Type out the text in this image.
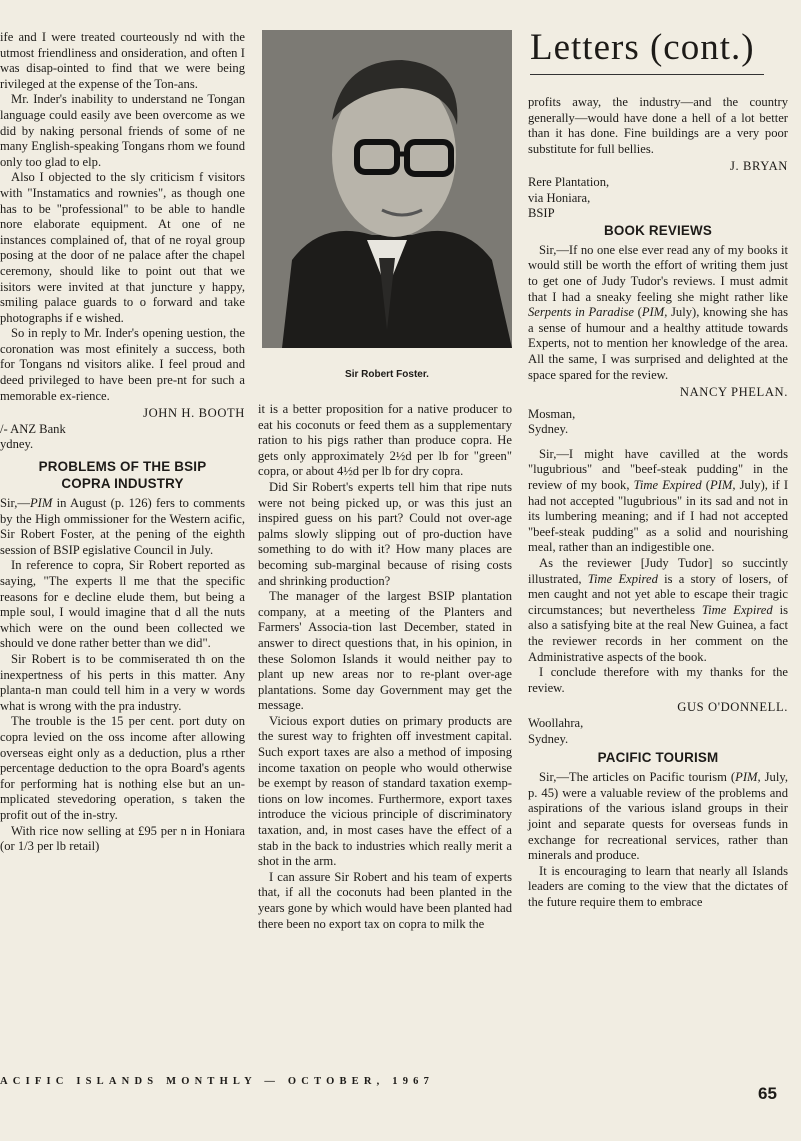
ife and I were treated courteously nd with the utmost friendliness and onsideration, and often I was disap-ointed to find that we were being rivileged at the expense of the Ton-ans.

Mr. Inder's inability to understand ne Tongan language could easily ave been overcome as we did by naking personal friends of some of ne many English-speaking Tongans rhom we found only too glad to elp.

Also I objected to the sly criticism f visitors with "Instamatics and rownies", as though one has to be "professional" to be able to handle nore elaborate equipment. At one of ne instances complained of, that of ne royal group posing at the door of ne palace after the chapel ceremony, should like to point out that we isitors were invited at that juncture y happy, smiling palace guards to o forward and take photographs if e wished.

So in reply to Mr. Inder's opening uestion, the coronation was most efinitely a success, both for Tongans nd visitors alike. I feel proud and deed privileged to have been pre-nt for such a memorable ex-rience.

JOHN H. BOOTH
/- ANZ Bank
ydney.
PROBLEMS OF THE BSIP
COPRA INDUSTRY

Sir,—PIM in August (p. 126) fers to comments by the High ommissioner for the Western acific, Sir Robert Foster, at the pening of the eighth session of BSIP egislative Council in July.

In reference to copra, Sir Robert reported as saying, "The experts ll me that the specific reasons for e decline elude them, but being a mple soul, I would imagine that d all the nuts which were on the ound been collected we should ve done rather better than we did".

Sir Robert is to be commiserated th on the inexpertness of his perts in this matter. Any planta-n man could tell him in a very w words what is wrong with the pra industry.

The trouble is the 15 per cent. port duty on copra levied on the oss income after allowing overseas eight only as a deduction, plus a rther percentage deduction to the opra Board's agents for performing hat is nothing else but an un-mplicated stevedoring operation, s taken the profit out of the in-stry.

With rice now selling at £95 per n in Honiara (or 1/3 per lb retail)

Sir Robert Foster.

it is a better proposition for a native producer to eat his coconuts or feed them as a supplementary ration to his pigs rather than produce copra. He gets only approximately 2½d per lb for "green" copra, or about 4½d per lb for dry copra.

Did Sir Robert's experts tell him that ripe nuts were not being picked up, or was this just an inspired guess on his part? Could not over-age palms slowly slipping out of pro-duction have something to do with it? How many places are becoming sub-marginal because of rising costs and shrinking production?

The manager of the largest BSIP plantation company, at a meeting of the Planters and Farmers' Associa-tion last December, stated in answer to direct questions that, in his opinion, in these Solomon Islands it would neither pay to plant up new areas nor to re-plant over-age plantations. Some day Government may get the message.

Vicious export duties on primary products are the surest way to frighten off investment capital. Such export taxes are also a method of imposing income taxation on people who would otherwise be exempt by reason of standard taxation exemp-tions on low incomes. Furthermore, export taxes introduce the vicious principle of discriminatory taxation, and, in most cases have the effect of a stab in the back to industries which really merit a shot in the arm.

I can assure Sir Robert and his team of experts that, if all the coconuts had been planted in the years gone by which would have been planted had there been no export tax on copra to milk the

Letters (cont.)

profits away, the industry—and the country generally—would have done a hell of a lot better than it has done. Fine buildings are a very poor substitute for full bellies.

J. BRYAN
Rere Plantation,
via Honiara,
BSIP
BOOK REVIEWS

Sir,—If no one else ever read any of my books it would still be worth the effort of writing them just to get one of Judy Tudor's reviews. I must admit that I had a sneaky feeling she might rather like Serpents in Paradise (PIM, July), knowing she has a sense of humour and a healthy attitude towards Experts, not to mention her knowledge of the area. All the same, I was surprised and delighted at the space spared for the review.

NANCY PHELAN.
Mosman,
Sydney.

Sir,—I might have cavilled at the words "lugubrious" and "beef-steak pudding" in the review of my book, Time Expired (PIM, July), if I had not accepted "lugubrious" in its sad and not in its lumbering meaning; and if I had not accepted "beef-steak pudding" as a solid and nourishing meal, rather than an indigestible one.

As the reviewer [Judy Tudor] so succintly illustrated, Time Expired is a story of losers, of men caught and not yet able to escape their tragic circumstances; but nevertheless Time Expired is also a satisfying bite at the real New Guinea, a fact the reviewer records in her comment on the Administrative aspects of the book.

I conclude therefore with my thanks for the review.

GUS O'DONNELL.
Woollahra,
Sydney.
PACIFIC TOURISM

Sir,—The articles on Pacific tourism (PIM, July, p. 45) were a valuable review of the problems and aspirations of the various island groups in their joint and separate quests for overseas funds in exchange for recreational services, rather than minerals and produce.

It is encouraging to learn that nearly all Islands leaders are coming to the view that the dictates of the future require them to embrace

ACIFIC ISLANDS MONTHLY — OCTOBER, 1967
65
